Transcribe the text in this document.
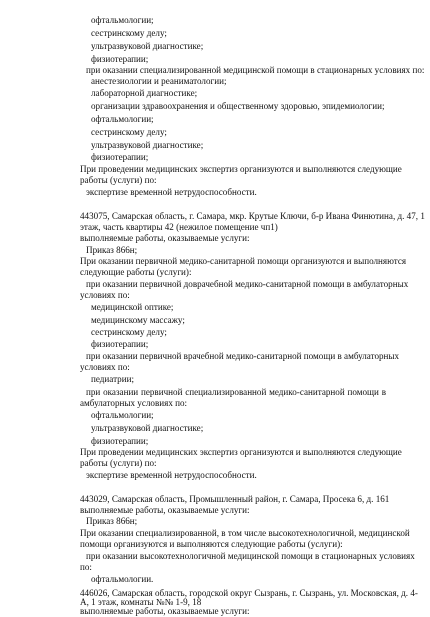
офтальмологии;
сестринскому делу;
ультразвуковой диагностике;
физиотерапии;
при оказании специализированной медицинской помощи в стационарных условиях по:
анестезиологии и реаниматологии;
лабораторной диагностике;
организации здравоохранения и общественному здоровью, эпидемиологии;
офтальмологии;
сестринскому делу;
ультразвуковой диагностике;
физиотерапии;
При проведении медицинских экспертиз организуются и выполняются следующие
работы (услуги) по:
экспертизе временной нетрудоспособности.
443075, Самарская область, г. Самара, мкр. Крутые Ключи, б-р Ивана Финютина, д. 47, 1
этаж, часть квартиры 42 (нежилое помещение чп1)
выполняемые работы, оказываемые услуги:
Приказ 866н;
При оказании первичной медико-санитарной помощи организуются и выполняются
следующие работы (услуги):
при оказании первичной доврачебной медико-санитарной помощи в амбулаторных
условиях по:
медицинской оптике;
медицинскому массажу;
сестринскому делу;
физиотерапии;
при оказании первичной врачебной медико-санитарной помощи в амбулаторных
условиях по:
педиатрии;
при оказании первичной специализированной медико-санитарной помощи в
амбулаторных условиях по:
офтальмологии;
ультразвуковой диагностике;
физиотерапии;
При проведении медицинских экспертиз организуются и выполняются следующие
работы (услуги) по:
экспертизе временной нетрудоспособности.
443029, Самарская область, Промышленный район, г. Самара, Просека 6, д. 161
выполняемые работы, оказываемые услуги:
Приказ 866н;
При оказании специализированной, в том числе высокотехнологичной, медицинской
помощи организуются и выполняются следующие работы (услуги):
при оказании высокотехнологичной медицинской помощи в стационарных условиях
по:
офтальмологии.
446026, Самарская область, городской округ Сызрань, г. Сызрань, ул. Московская, д. 4-
А, 1 этаж, комнаты №№ 1-9, 18
выполняемые работы, оказываемые услуги:
